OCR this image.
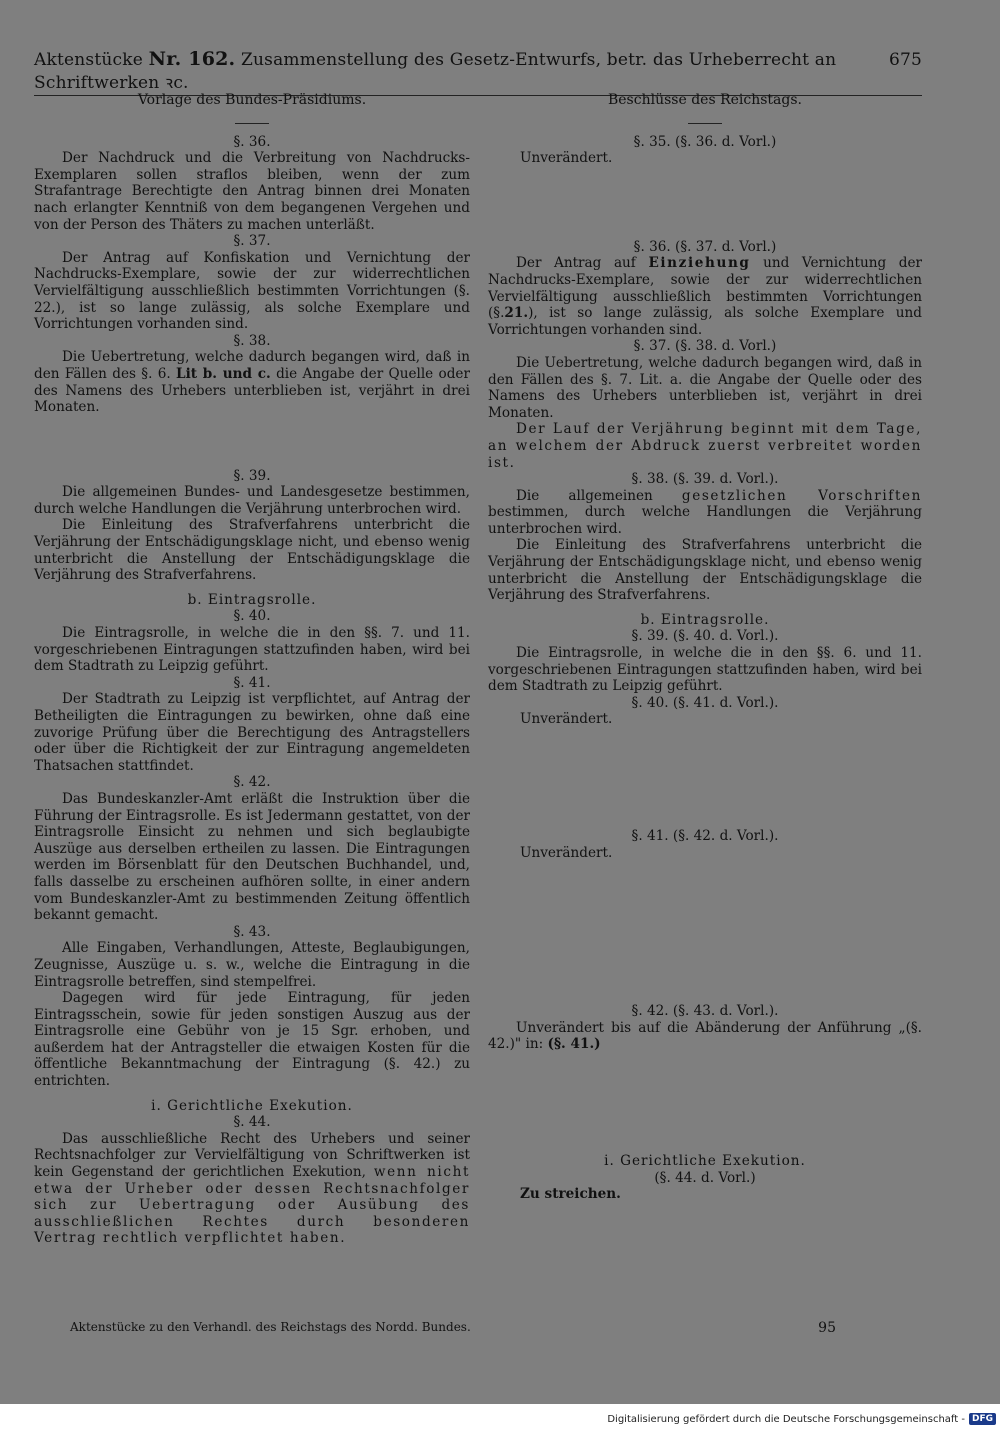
Aktenstücke Nr. 162. Zusammenstellung des Gesetz-Entwurfs, betr. das Urheberrecht an Schriftwerken ꝛc.
675
Vorlage des Bundes-Präsidiums.
§. 36.

Der Nachdruck und die Verbreitung von Nachdrucks-Exemplaren sollen straflos bleiben, wenn der zum Strafantrage Berechtigte den Antrag binnen drei Monaten nach erlangter Kenntniß von dem begangenen Vergehen und von der Person des Thäters zu machen unterläßt.

§. 37.

Der Antrag auf Konfiskation und Vernichtung der Nachdrucks-Exemplare, sowie der zur widerrechtlichen Vervielfältigung ausschließlich bestimmten Vorrichtungen (§. 22.), ist so lange zulässig, als solche Exemplare und Vorrichtungen vorhanden sind.

§. 38.

Die Uebertretung, welche dadurch begangen wird, daß in den Fällen des §. 6. Lit b. und c. die Angabe der Quelle oder des Namens des Urhebers unterblieben ist, verjährt in drei Monaten.

§. 39.

Die allgemeinen Bundes- und Landesgesetze bestimmen, durch welche Handlungen die Verjährung unterbrochen wird.

Die Einleitung des Strafverfahrens unterbricht die Verjährung der Entschädigungsklage nicht, und ebenso wenig unterbricht die Anstellung der Entschädigungsklage die Verjährung des Strafverfahrens.

b. Eintragsrolle.
§. 40.

Die Eintragsrolle, in welche die in den §§. 7. und 11. vorgeschriebenen Eintragungen stattzufinden haben, wird bei dem Stadtrath zu Leipzig geführt.

§. 41.

Der Stadtrath zu Leipzig ist verpflichtet, auf Antrag der Betheiligten die Eintragungen zu bewirken, ohne daß eine zuvorige Prüfung über die Berechtigung des Antragstellers oder über die Richtigkeit der zur Eintragung angemeldeten Thatsachen stattfindet.

§. 42.

Das Bundeskanzler-Amt erläßt die Instruktion über die Führung der Eintragsrolle. Es ist Jedermann gestattet, von der Eintragsrolle Einsicht zu nehmen und sich beglaubigte Auszüge aus derselben ertheilen zu lassen. Die Eintragungen werden im Börsenblatt für den Deutschen Buchhandel, und, falls dasselbe zu erscheinen aufhören sollte, in einer andern vom Bundeskanzler-Amt zu bestimmenden Zeitung öffentlich bekannt gemacht.

§. 43.

Alle Eingaben, Verhandlungen, Atteste, Beglaubigungen, Zeugnisse, Auszüge u. s. w., welche die Eintragung in die Eintragsrolle betreffen, sind stempelfrei.

Dagegen wird für jede Eintragung, für jeden Eintragsschein, sowie für jeden sonstigen Auszug aus der Eintragsrolle eine Gebühr von je 15 Sgr. erhoben, und außerdem hat der Antragsteller die etwaigen Kosten für die öffentliche Bekanntmachung der Eintragung (§. 42.) zu entrichten.

i. Gerichtliche Exekution.
§. 44.

Das ausschließliche Recht des Urhebers und seiner Rechtsnachfolger zur Vervielfältigung von Schriftwerken ist kein Gegenstand der gerichtlichen Exekution, wenn nicht etwa der Urheber oder dessen Rechtsnachfolger sich zur Uebertragung oder Ausübung des ausschließlichen Rechtes durch besonderen Vertrag rechtlich verpflichtet haben.

Beschlüsse des Reichstags.
§. 35. (§. 36. d. Vorl.)

Unverändert.

§. 36. (§. 37. d. Vorl.)

Der Antrag auf Einziehung und Vernichtung der Nachdrucks-Exemplare, sowie der zur widerrechtlichen Vervielfältigung ausschließlich bestimmten Vorrichtungen (§.21.), ist so lange zulässig, als solche Exemplare und Vorrichtungen vorhanden sind.

§. 37. (§. 38. d. Vorl.)

Die Uebertretung, welche dadurch begangen wird, daß in den Fällen des §. 7. Lit. a. die Angabe der Quelle oder des Namens des Urhebers unterblieben ist, verjährt in drei Monaten.

Der Lauf der Verjährung beginnt mit dem Tage, an welchem der Abdruck zuerst verbreitet worden ist.

§. 38. (§. 39. d. Vorl.).

Die allgemeinen gesetzlichen Vorschriften bestimmen, durch welche Handlungen die Verjährung unterbrochen wird.

Die Einleitung des Strafverfahrens unterbricht die Verjährung der Entschädigungsklage nicht, und ebenso wenig unterbricht die Anstellung der Entschädigungsklage die Verjährung des Strafverfahrens.

b. Eintragsrolle.
§. 39. (§. 40. d. Vorl.).

Die Eintragsrolle, in welche die in den §§. 6. und 11. vorgeschriebenen Eintragungen stattzufinden haben, wird bei dem Stadtrath zu Leipzig geführt.

§. 40. (§. 41. d. Vorl.).

Unverändert.

§. 41. (§. 42. d. Vorl.).

Unverändert.

§. 42. (§. 43. d. Vorl.).

Unverändert bis auf die Abänderung der Anführung „(§. 42.)" in: (§. 41.)

i. Gerichtliche Exekution.
(§. 44. d. Vorl.)

Zu streichen.

Aktenstücke zu den Verhandl. des Reichstags des Nordd. Bundes.	95
Digitalisierung gefördert durch die Deutsche Forschungsgemeinschaft - DFG
